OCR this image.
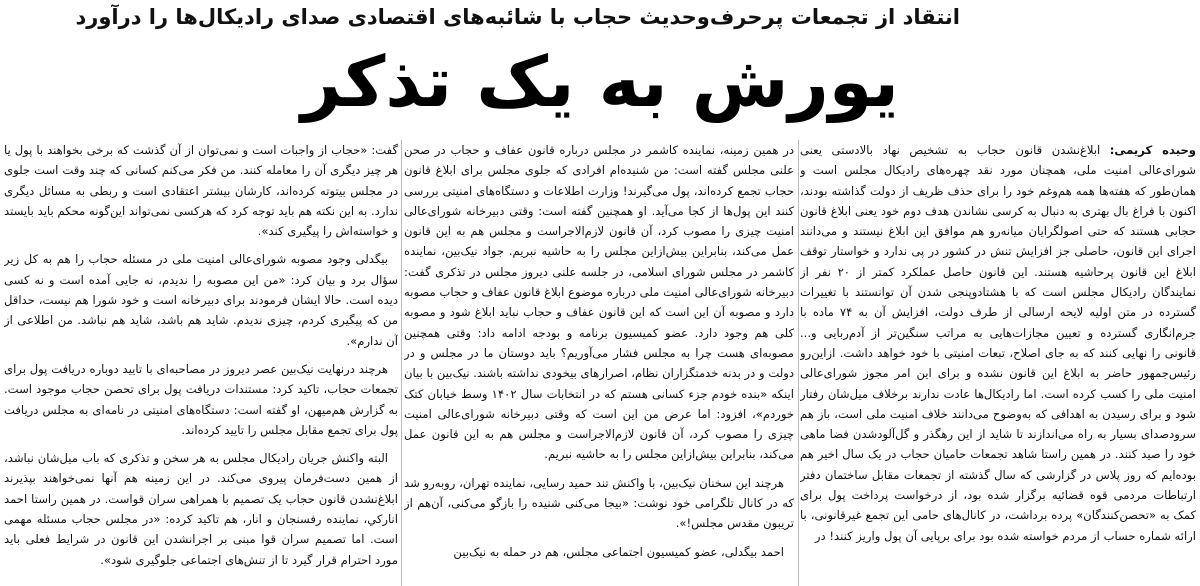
انتقاد از تجمعات پرحرف‌وحدیث حجاب با شائبه‌های اقتصادی صدای رادیکال‌ها را درآورد
یورش به یک تذکر

وحیده کریمی: ابلاغ‌نشدن قانون حجاب به تشخیص نهاد بالادستی یعنی شورای‌عالی امنیت ملی، همچنان مورد نقد چهره‌های رادیکال مجلس است و همان‌طور که هفته‌ها همه هم‌وغم خود را برای حذف ظریف از دولت گذاشته بودند، اکنون با فراغ بال بهتری به دنبال به کرسی نشاندن هدف دوم خود یعنی ابلاغ قانون حجابی هستند که حتی اصولگرایان میانه‌رو هم موافق این ابلاغ نیستند و می‌دانند اجرای این قانون، حاصلی جز افزایش تنش در کشور در پی ندارد و خواستار توقف ابلاغ این قانون پرحاشیه هستند. این قانون حاصل عملکرد کمتر از ۲۰ نفر از نمایندگان رادیکال مجلس است که با هشتادوپنجی شدن آن توانستند با تغییرات گسترده در متن اولیه لایحه ارسالی از طرف دولت، افزایش آن به ۷۴ ماده با جرم‌انگاری گسترده و تعیین مجازات‌هایی به مراتب سنگین‌تر از آدم‌ربایی و... قانونی را نهایی کنند که به جای اصلاح، تبعات امنیتی با خود خواهد داشت. ازاین‌رو رئیس‌جمهور حاضر به ابلاغ این قانون نشده و برای این امر مجوز شورای‌عالی امنیت ملی را کسب کرده است. اما رادیکال‌ها عادت ندارند برخلاف میل‌شان رفتار شود و برای رسیدن به اهدافی که به‌وضوح می‌دانند خلاف امنیت ملی است، باز هم سرودصدای بسیار به راه می‌اندازند تا شاید از این رهگذر و گل‌آلودشدن فضا ماهی خود را صید کنند. در همین راستا شاهد تجمعات حامیان حجاب در یک سال اخیر هم بوده‌ایم که روز پلاس در گزارشی که سال گذشته از تجمعات مقابل ساختمان دفتر ارتباطات مردمی قوه قضائیه برگزار شده بود، از درخواست پرداخت پول برای کمک به «تحصن‌کنندگان» پرده برداشت، در کانال‌های حامی این تجمع غیرقانونی، با ارائه شماره حساب از مردم خواسته شده بود برای برپایی آن پول واریز کنند! در

در همین زمینه، نماینده کاشمر در مجلس درباره قانون عفاف و حجاب در صحن علنی مجلس گفته است: من شنیده‌ام افرادی که جلوی مجلس برای ابلاغ قانون حجاب تجمع کرده‌اند، پول می‌گیرند! وزارت اطلاعات و دستگاه‌های امنیتی بررسی کنند این پول‌ها از کجا می‌آید. او همچنین گفته است: وقتی دبیرخانه شورای‌عالی امنیت چیزی را مصوب کرد، آن قانون لازم‌الاجراست و مجلس هم به این قانون عمل می‌کند، بنابراین بیش‌ازاین مجلس را به حاشیه نبریم. جواد نیک‌بین، نماینده کاشمر در مجلس شورای اسلامی، در جلسه علنی دیروز مجلس در تذکری گفت: دبیرخانه شورای‌عالی امنیت ملی درباره موضوع ابلاغ قانون عفاف و حجاب مصوبه دارد و مصوبه آن این است که این قانون عفاف و حجاب نباید ابلاغ شود و مصوبه کلی هم وجود دارد. عضو کمیسیون برنامه و بودجه ادامه داد: وقتی همچنین مصوبه‌ای هست چرا به مجلس فشار می‌آوریم؟ باید دوستان ما در مجلس و در دولت و در بدنه خدمتگزاران نظام، اصرارهای بیخودی نداشته باشند. نیک‌بین با بیان اینکه «بنده خودم جزء کسانی هستم که در انتخابات سال ۱۴۰۲ وسط خیابان کتک خوردم»، افزود: اما عرض من این است که وقتی دبیرخانه شورای‌عالی امنیت چیزی را مصوب کرد، آن قانون لازم‌الاجراست و مجلس هم به این قانون عمل می‌کند، بنابراین بیش‌ازاین مجلس را به حاشیه نبریم.

هرچند این سخنان نیک‌بین، با واکنش تند حمید رسایی، نماینده تهران، روبه‌رو شد که در کانال تلگرامی خود نوشت: «بیجا می‌کنی شنیده را بازگو می‌کنی، آن‌هم از تریبون مقدس مجلس!».

احمد بیگدلی، عضو کمیسیون اجتماعی مجلس، هم در حمله به نیک‌بین

گفت: «حجاب از واجبات است و نمی‌توان از آن گذشت که برخی بخواهند با پول یا هر چیز دیگری آن را معامله کنند. من فکر می‌کنم کسانی که چند وقت است جلوی در مجلس بیتوته کرده‌اند، کارشان بیشتر اعتقادی است و ربطی به مسائل دیگری ندارد. به این نکته هم باید توجه کرد که هرکسی نمی‌تواند این‌گونه محکم باید بایستد و خواسته‌اش را پیگیری کند».

بیگدلی وجود مصوبه شورای‌عالی امنیت ملی در مسئله حجاب را هم به کل زیر سؤال برد و بیان کرد: «من این مصوبه را ندیدم، نه جایی آمده است و نه کسی دیده است. حالا ایشان فرمودند برای دبیرخانه است و خود شورا هم نیست، حداقل من که پیگیری کردم، چیزی ندیدم. شاید هم باشد، شاید هم نباشد. من اطلاعی از آن ندارم».

هرچند درنهایت نیک‌بین عصر دیروز در مصاحبه‌ای با تایید دوباره دریافت پول برای تجمعات حجاب، تاکید کرد: مستندات دریافت پول برای تحصن حجاب موجود است. به گزارش هم‌میهن، او گفته است: دستگاه‌های امنیتی در نامه‌ای به مجلس دریافت پول برای تجمع مقابل مجلس را تایید کرده‌اند.

البته واکنش جریان رادیکال مجلس به هر سخن و تذکری که باب میل‌شان نباشد، از همین دست‌فرمان پیروی می‌کند. در این زمینه هم آنها نمی‌خواهند بپذیرند ابلاغ‌نشدن قانون حجاب یک تصمیم با همراهی سران قواست. در همین راستا احمد اناركي، نماینده رفسنجان و انار، هم تاکید کرده: «در مجلس حجاب مسئله مهمی است. اما تصمیم سران قوا مبنی بر اجرانشدن این قانون در شرایط فعلی باید مورد احترام قرار گیرد تا از تنش‌های اجتماعی جلوگیری شود».
